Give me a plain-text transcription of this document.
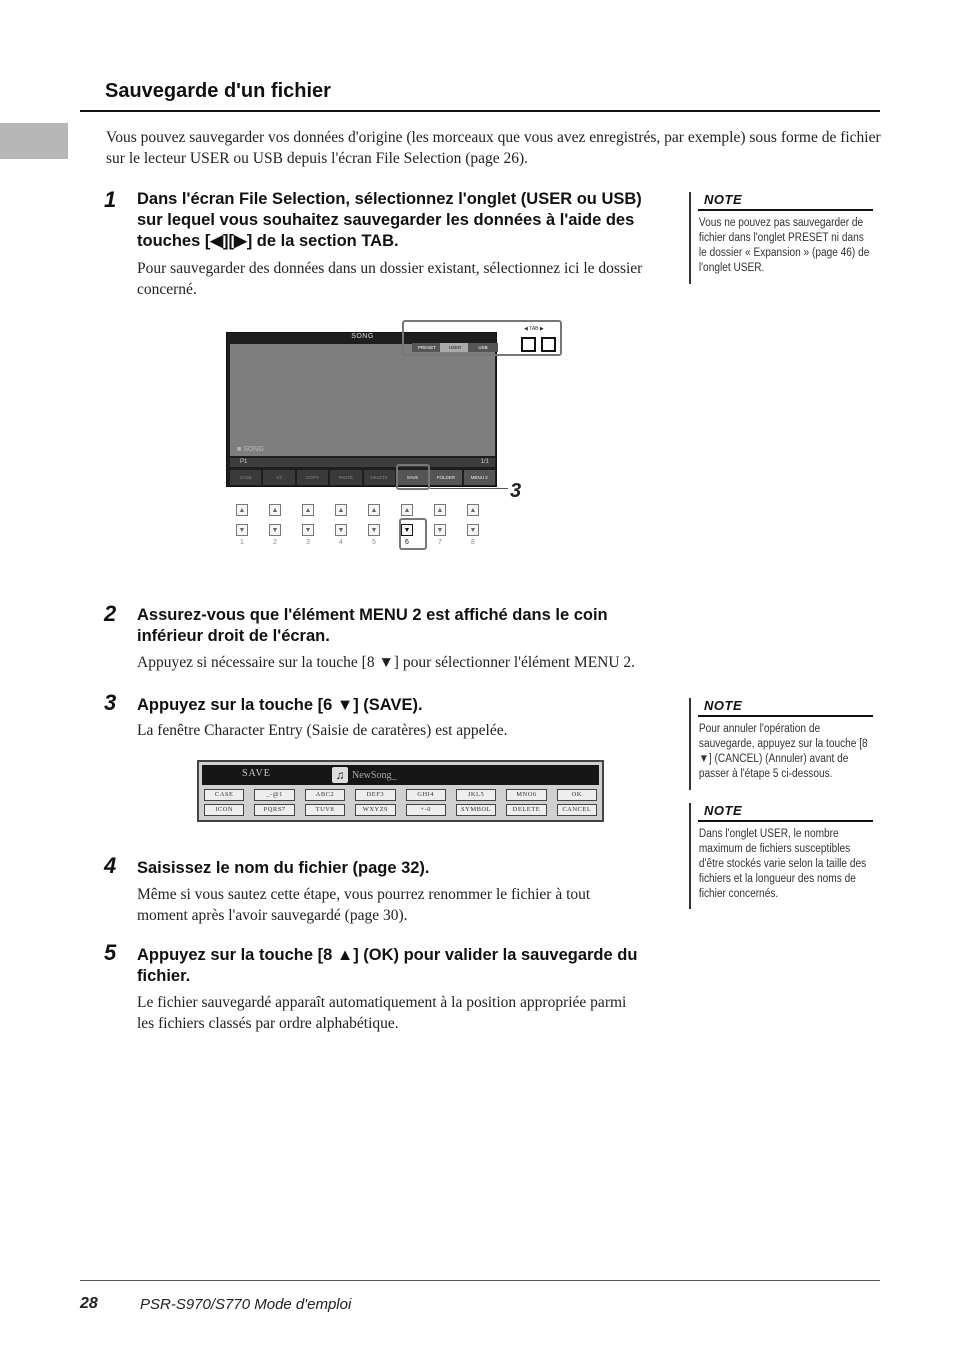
Sauvegarde d'un fichier
Vous pouvez sauvegarder vos données d'origine (les morceaux que vous avez enregistrés, par exemple) sous forme de fichier sur le lecteur USER ou USB depuis l'écran File Selection (page 26).
1 Dans l'écran File Selection, sélectionnez l'onglet (USER ou USB) sur lequel vous souhaitez sauvegarder les données à l'aide des touches [◀][▶] de la section TAB.
Pour sauvegarder des données dans un dossier existant, sélectionnez ici le dossier concerné.
NOTE
Vous ne pouvez pas sauvegarder de fichier dans l'onglet PRESET ni dans le dossier « Expansion » (page 46) de l'onglet USER.
SONG
■ SONG
P1	1/1
CASE	1/2	COPY	PASTE	DELETE	SAVE	FOLDER	MENU 2
PRESET	USER	USB
◀ TAB ▶
3
▲	▲	▲	▲	▲	▲	▲	▲
▼	▼	▼	▼	▼	▼	▼	▼
1	2	3	4	5	6	7	8
2 Assurez-vous que l'élément MENU 2 est affiché dans le coin inférieur droit de l'écran.
Appuyez si nécessaire sur la touche [8 ▼] pour sélectionner l'élément MENU 2.
3 Appuyez sur la touche [6 ▼] (SAVE).
La fenêtre Character Entry (Saisie de caratères) est appelée.
NOTE
Pour annuler l'opération de sauvegarde, appuyez sur la touche [8 ▼] (CANCEL) (Annuler) avant de passer à l'étape 5 ci-dessous.
SAVE	♫ NewSong_
CASE	_-@1	ABC2	DEF3	GHI4	JKL5	MNO6	OK
ICON	PQRS7	TUV8	WXYZ9	+-0	SYMBOL	DELETE	CANCEL	NOTE
Dans l'onglet USER, le nombre maximum de fichiers susceptibles d'être stockés varie selon la taille des fichiers et la longueur des noms de fichier concernés.
4 Saisissez le nom du fichier (page 32).
Même si vous sautez cette étape, vous pourrez renommer le fichier à tout moment après l'avoir sauvegardé (page 30).
5 Appuyez sur la touche [8 ▲] (OK) pour valider la sauvegarde du fichier.
Le fichier sauvegardé apparaît automatiquement à la position appropriée parmi les fichiers classés par ordre alphabétique.
28	PSR-S970/S770 Mode d'emploi
